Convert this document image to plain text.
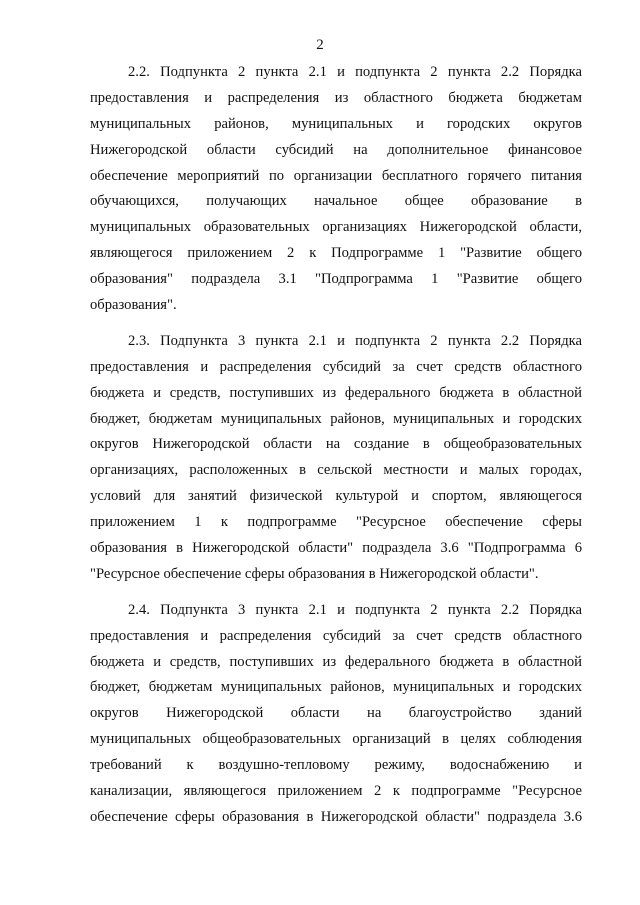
2

2.2. Подпункта 2 пункта 2.1 и подпункта 2 пункта 2.2 Порядка
предоставления и распределения из областного бюджета бюджетам
муниципальных районов, муниципальных и городских округов
Нижегородской области субсидий на дополнительное финансовое
обеспечение мероприятий по организации бесплатного горячего питания
обучающихся, получающих начальное общее образование в
муниципальных образовательных организациях Нижегородской области,
являющегося приложением 2 к Подпрограмме 1 "Развитие общего
образования" подраздела 3.1 "Подпрограмма 1 "Развитие общего
образования".

2.3. Подпункта 3 пункта 2.1 и подпункта 2 пункта 2.2 Порядка
предоставления и распределения субсидий за счет средств областного
бюджета и средств, поступивших из федерального бюджета в областной
бюджет, бюджетам муниципальных районов, муниципальных и городских
округов Нижегородской области на создание в общеобразовательных
организациях, расположенных в сельской местности и малых городах,
условий для занятий физической культурой и спортом, являющегося
приложением 1 к подпрограмме "Ресурсное обеспечение сферы
образования в Нижегородской области" подраздела 3.6 "Подпрограмма 6
"Ресурсное обеспечение сферы образования в Нижегородской области".

2.4. Подпункта 3 пункта 2.1 и подпункта 2 пункта 2.2 Порядка
предоставления и распределения субсидий за счет средств областного
бюджета и средств, поступивших из федерального бюджета в областной
бюджет, бюджетам муниципальных районов, муниципальных и городских
округов Нижегородской области на благоустройство зданий
муниципальных общеобразовательных организаций в целях соблюдения
требований к воздушно-тепловому режиму, водоснабжению и
канализации, являющегося приложением 2 к подпрограмме "Ресурсное
обеспечение сферы образования в Нижегородской области" подраздела 3.6
